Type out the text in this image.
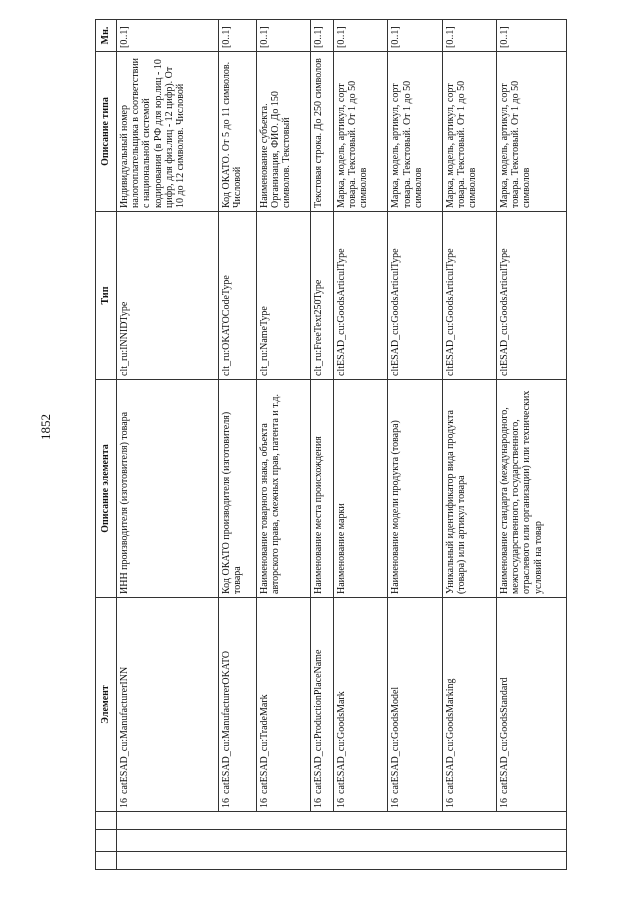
1852
			Элемент	Описание элемента	Тип	Описание типа	Мн.
			16catESAD_cu:ManufacturerINN	ИНН производителя (изготовителя) товара	clt_ru:INNIDType	Индивидуальный номер налогоплательщика в соответствии с национальной системой кодирования (в РФ для юр.лиц - 10 цифр, для физ.лиц - 12 цифр). От 10 до 12 символов. Числовой	[0..1]
			16catESAD_cu:ManufacturerOKATO	Код ОКАТО производителя (изготовителя) товара	clt_ru:OKATOCodeType	Код ОКАТО. От 5 до 11 символов. Числовой	[0..1]
			16catESAD_cu:TradeMark	Наименование товарного знака, объекта авторского права, смежных прав, патента и т.д.	clt_ru:NameType	Наименование субъекта. Организация, ФИО. До 150 символов. Текстовый	[0..1]
			16catESAD_cu:ProductionPlaceName	Наименование места происхождения	clt_ru:FreeText250Type	Текстовая строка. До 250 символов	[0..1]
			16catESAD_cu:GoodsMark	Наименование марки	cltESAD_cu:GoodsArticulType	Марка, модель, артикул, сорт товара. Текстовый. От 1 до 50 символов	[0..1]
			16catESAD_cu:GoodsModel	Наименование модели продукта (товара)	cltESAD_cu:GoodsArticulType	Марка, модель, артикул, сорт товара. Текстовый. От 1 до 50 символов	[0..1]
			16catESAD_cu:GoodsMarking	Уникальный идентификатор вида продукта (товара) или артикул товара	cltESAD_cu:GoodsArticulType	Марка, модель, артикул, сорт товара. Текстовый. От 1 до 50 символов	[0..1]
			16catESAD_cu:GoodsStandard	Наименование стандарта (международного, межгосударственного, государственного, отраслевого или организации) или технических условий на товар	cltESAD_cu:GoodsArticulType	Марка, модель, артикул, сорт товара. Текстовый. От 1 до 50 символов	[0..1]
